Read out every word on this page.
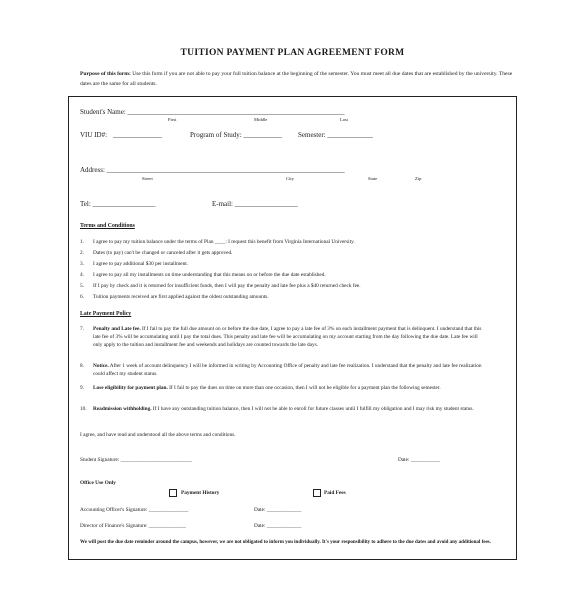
TUITION PAYMENT PLAN AGREEMENT FORM
Purpose of this form: Use this form if you are not able to pay your full tuition balance at the beginning of the semester. You must meet all due dates that are established by the university. These dates are the same for all students.
Student's Name: ______________________________________________________________
First	Middle	Last
VIU ID#: ______________	Program of Study: ___________ Semester: _____________
Address: ____________________________________________________________________
Street	City	State	Zip
Tel: __________________	E-mail: __________________
Terms and Conditions
1. I agree to pay my tuition balance under the terms of Plan ____: I request this benefit from Virginia International University.
2. Dates (to pay) can't be changed or canceled after it gets approved.
3. I agree to pay additional $30 per installment.
4. I agree to pay all my installments on time understanding that this means on or before the due date established.
5. If I pay by check and it is returned for insufficient funds, then I will pay the penalty and late fee plus a $40 returned check fee.
6. Tuition payments received are first applied against the oldest outstanding amounts.
Late Payment Policy
7. Penalty and Late fee. If I fail to pay the full due amount on or before the due date, I agree to pay a late fee of 3% on each installment payment that is delinquent. I understand that this late fee of 3% will be accumulating until I pay the total dues. This penalty and late fee will be accumulating on my account starting from the day following the due date. Late fee will only apply to the tuition and installment fee and weekends and holidays are counted towards the late days.
8. Notice. After 1 week of account delinquency I will be informed in writing by Accounting Office of penalty and late fee realization. I understand that the penalty and late fee realization could affect my student status.
9. Lose eligibility for payment plan. If I fail to pay the dues on time on more than one occasion, then I will not be eligible for a payment plan the following semester.
10. Readmission withholding. If I have any outstanding tuition balance, then I will not be able to enroll for future classes until I fulfill my obligation and I may risk my student status.
I agree, and have read and understood all the above terms and conditions.
Student Signature: ___________________________	Date: ___________
Office Use Only
Payment History	Paid Fees
Accounting Officer's Signature: _______________	Date: _____________
Director of Finance's Signature: ______________	Date: _____________
We will post the due date reminder around the campus, however, we are not obligated to inform you individually. It's your responsibility to adhere to the due dates and avoid any additional fees.
